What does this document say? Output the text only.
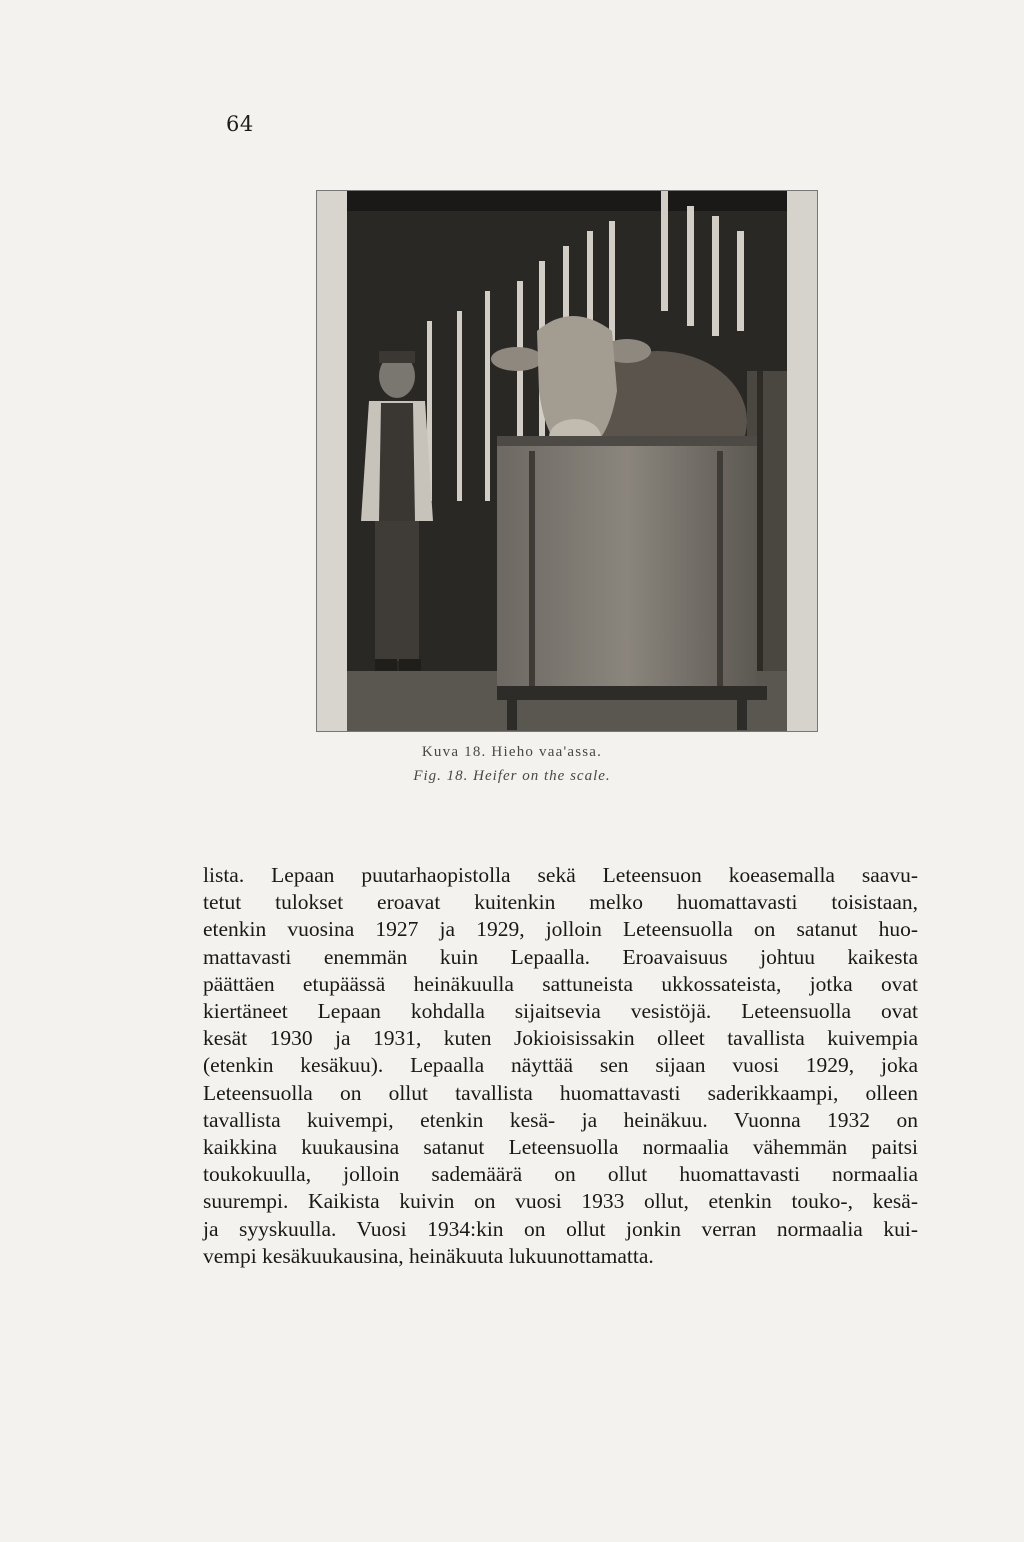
64
Kuva 18. Hieho vaa'assa.
Fig. 18. Heifer on the scale.
lista. Lepaan puutarhaopistolla sekä Leteensuon koeasemalla saavu-
tetut tulokset eroavat kuitenkin melko huomattavasti toisistaan,
etenkin vuosina 1927 ja 1929, jolloin Leteensuolla on satanut huo-
mattavasti enemmän kuin Lepaalla. Eroavaisuus johtuu kaikesta
päättäen etupäässä heinäkuulla sattuneista ukkossateista, jotka ovat
kiertäneet Lepaan kohdalla sijaitsevia vesistöjä. Leteensuolla ovat
kesät 1930 ja 1931, kuten Jokioisissakin olleet tavallista kuivempia
(etenkin kesäkuu). Lepaalla näyttää sen sijaan vuosi 1929, joka
Leteensuolla on ollut tavallista huomattavasti saderikkaampi, olleen
tavallista kuivempi, etenkin kesä- ja heinäkuu. Vuonna 1932 on
kaikkina kuukausina satanut Leteensuolla normaalia vähemmän paitsi
toukokuulla, jolloin sademäärä on ollut huomattavasti normaalia
suurempi. Kaikista kuivin on vuosi 1933 ollut, etenkin touko-, kesä-
ja syyskuulla. Vuosi 1934:kin on ollut jonkin verran normaalia kui-
vempi kesäkuukausina, heinäkuuta lukuunottamatta.
